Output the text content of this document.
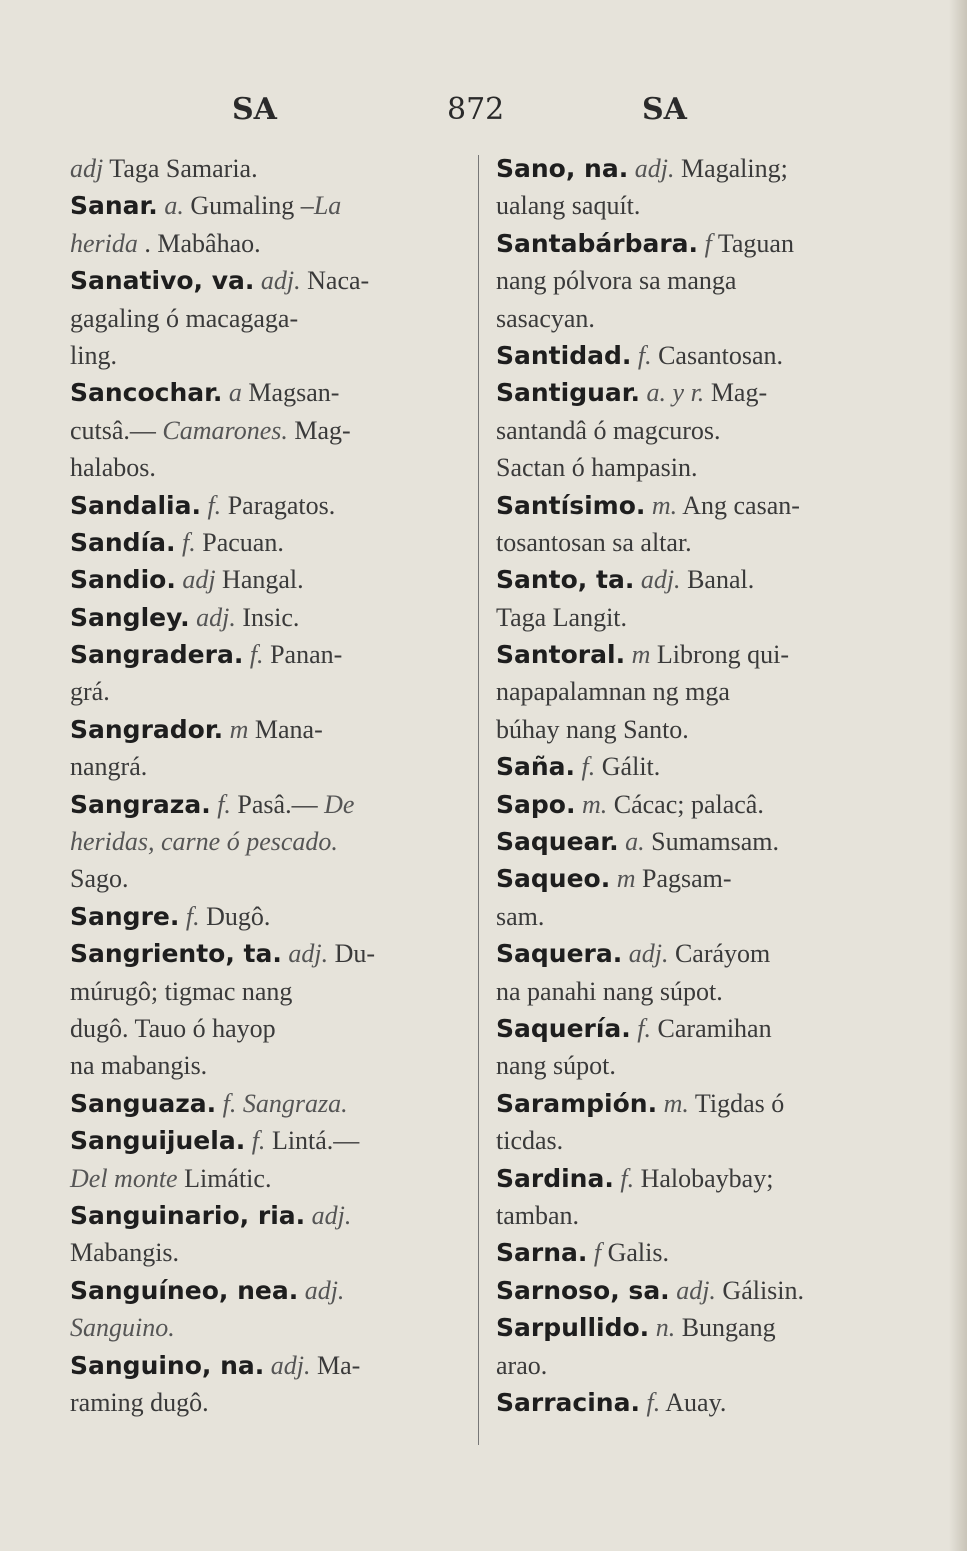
SA	872	SA
adj Taga Samaria.
Sanar. a. Gumaling –La
herida . Mabâhao.
Sanativo, va. adj. Naca-
gagaling ó macagaga-
ling.
Sancochar. a Magsan-
cutsâ.— Camarones. Mag-
halabos.
Sandalia. f. Paragatos.
Sandía. f. Pacuan.
Sandio. adj Hangal.
Sangley. adj. Insic.
Sangradera. f. Panan-
grá.
Sangrador. m Mana-
nangrá.
Sangraza. f. Pasâ.— De
heridas, carne ó pescado.
Sago.
Sangre. f. Dugô.
Sangriento, ta. adj. Du-
múrugô; tigmac nang
dugô. Tauo ó hayop
na mabangis.
Sanguaza. f. Sangraza.
Sanguijuela. f. Lintá.—
Del monte Limátic.
Sanguinario, ria. adj.
Mabangis.
Sanguíneo, nea. adj.
Sanguino.
Sanguino, na. adj. Ma-
raming dugô.
Sano, na. adj. Magaling;
ualang saquít.
Santabárbara. f Taguan
nang pólvora sa manga
sasacyan.
Santidad. f. Casantosan.
Santiguar. a. y r. Mag-
santandâ ó magcuros.
Sactan ó hampasin.
Santísimo. m. Ang casan-
tosantosan sa altar.
Santo, ta. adj. Banal.
Taga Langit.
Santoral. m Librong qui-
napapalamnan ng mga
búhay nang Santo.
Saña. f. Gálit.
Sapo. m. Cácac; palacâ.
Saquear. a. Sumamsam.
Saqueo. m Pagsam-
sam.
Saquera. adj. Caráyom
na panahi nang súpot.
Saquería. f. Caramihan
nang súpot.
Sarampión. m. Tigdas ó
ticdas.
Sardina. f. Halobaybay;
tamban.
Sarna. f Galis.
Sarnoso, sa. adj. Gálisin.
Sarpullido. n. Bungang
arao.
Sarracina. f. Auay.
